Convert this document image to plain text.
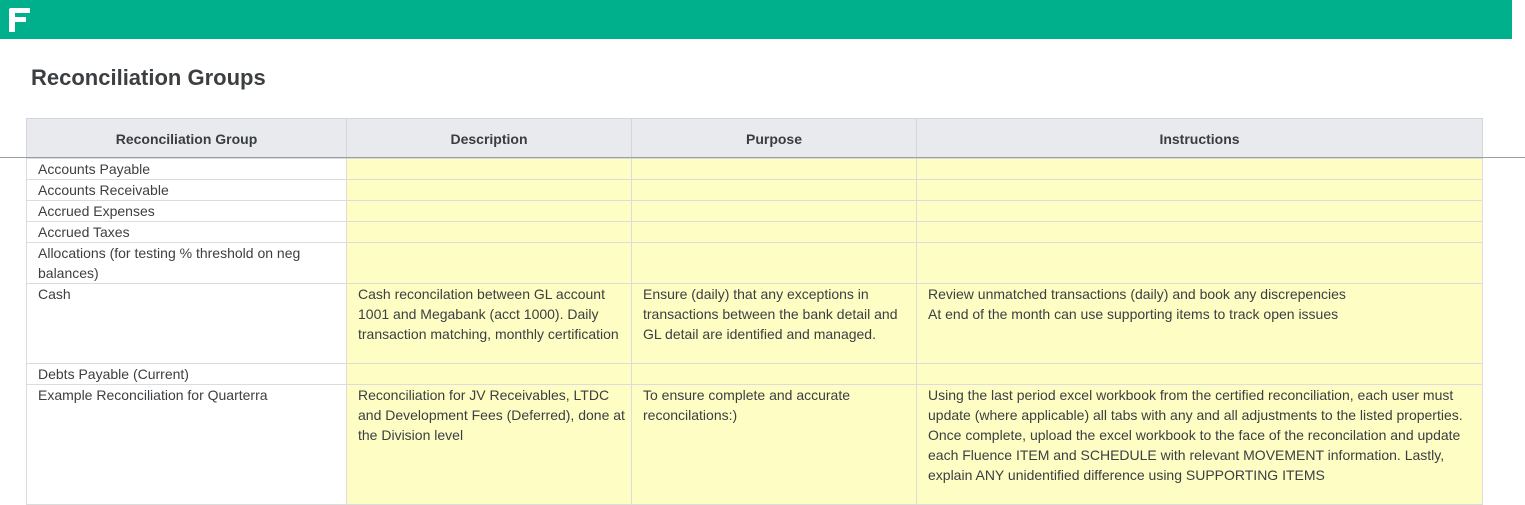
Reconciliation Groups
Reconciliation Group	Description	Purpose	Instructions
Accounts Payable			
Accounts Receivable			
Accrued Expenses			
Accrued Taxes			
Allocations (for testing % threshold on neg balances)			
Cash	Cash reconcilation between GL account 1001 and Megabank (acct 1000). Daily transaction matching, monthly certification	Ensure (daily) that any exceptions in transactions between the bank detail and GL detail are identified and managed.	Review unmatched transactions (daily) and book any discrepencies
At end of the month can use supporting items to track open issues
Debts Payable (Current)			
Example Reconciliation for Quarterra	Reconciliation for JV Receivables, LTDC and Development Fees (Deferred), done at the Division level	To ensure complete and accurate reconcilations:)	Using the last period excel workbook from the certified reconciliation, each user must update (where applicable) all tabs with any and all adjustments to the listed properties. Once complete, upload the excel workbook to the face of the reconcilation and update each Fluence ITEM and SCHEDULE with relevant MOVEMENT information. Lastly, explain ANY unidentified difference using SUPPORTING ITEMS
